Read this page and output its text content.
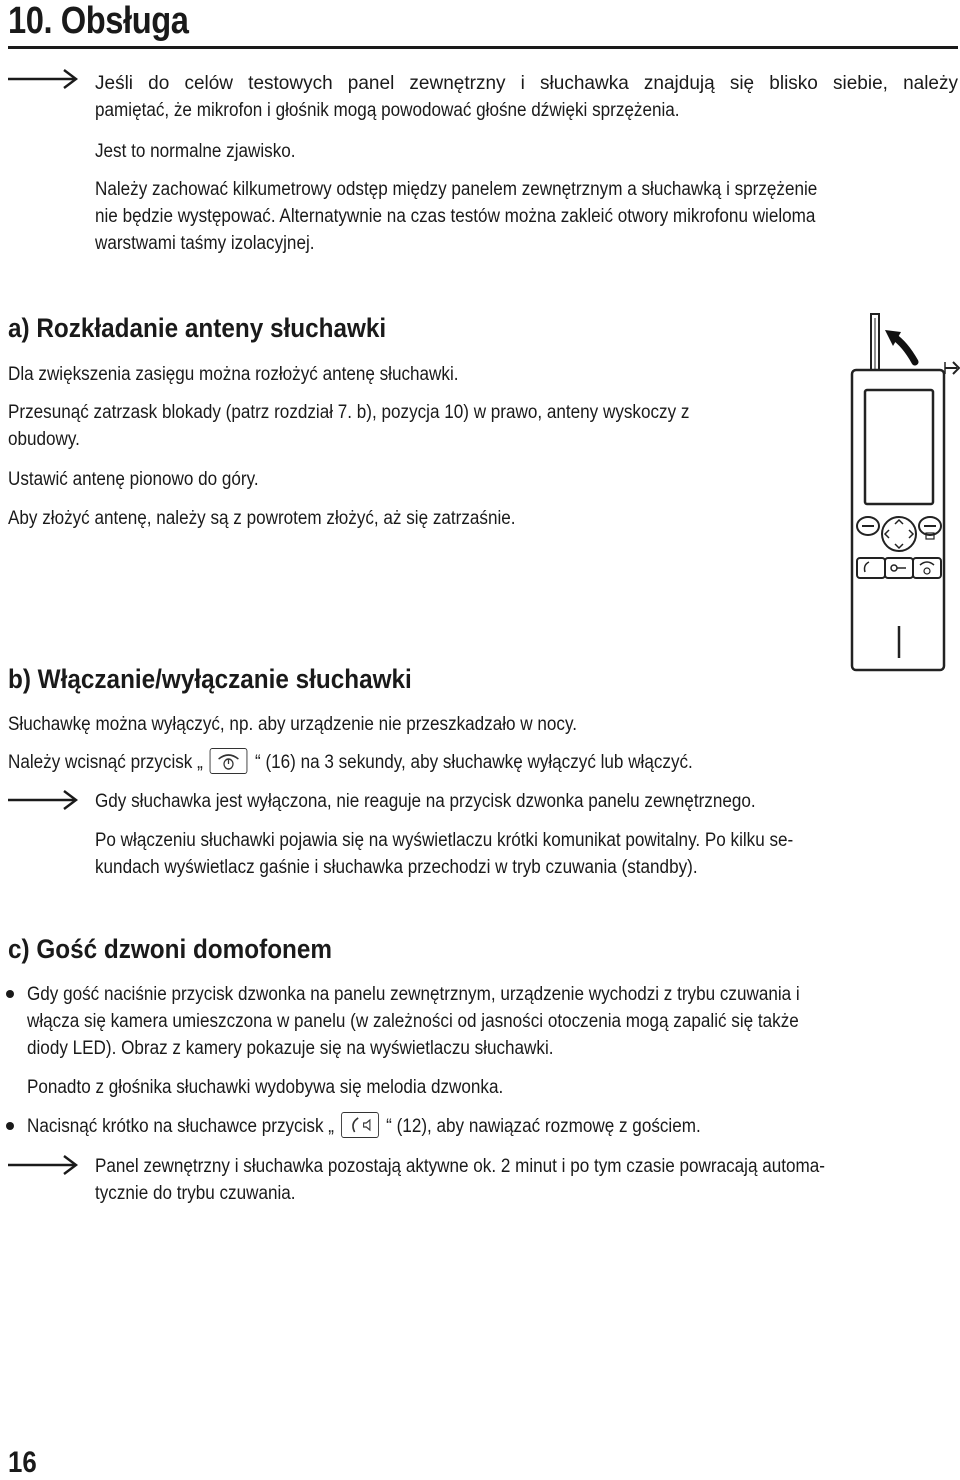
10. Obsługa
Jeśli do celów testowych panel zewnętrzny i słuchawka znajdują się blisko siebie, należy
pamiętać, że mikrofon i głośnik mogą powodować głośne dźwięki sprzężenia.
Jest to normalne zjawisko.
Należy zachować kilkumetrowy odstęp między panelem zewnętrznym a słuchawką i sprzężenie
nie będzie występować. Alternatywnie na czas testów można zakleić otwory mikrofonu wieloma
warstwami taśmy izolacyjnej.
a) Rozkładanie anteny słuchawki
Dla zwiększenia zasięgu można rozłożyć antenę słuchawki.
Przesunąć zatrzask blokady (patrz rozdział 7. b), pozycja 10) w prawo, anteny wyskoczy z
obudowy.
Ustawić antenę pionowo do góry.
Aby złożyć antenę, należy są z powrotem złożyć, aż się zatrzaśnie.
b) Włączanie/wyłączanie słuchawki
Słuchawkę można wyłączyć, np. aby urządzenie nie przeszkadzało w nocy.
Należy wcisnąć przycisk „	“ (16) na 3 sekundy, aby słuchawkę wyłączyć lub włączyć.
Gdy słuchawka jest wyłączona, nie reaguje na przycisk dzwonka panelu zewnętrznego.
Po włączeniu słuchawki pojawia się na wyświetlaczu krótki komunikat powitalny. Po kilku se-
kundach wyświetlacz gaśnie i słuchawka przechodzi w tryb czuwania (standby).
c) Gość dzwoni domofonem
Gdy gość naciśnie przycisk dzwonka na panelu zewnętrznym, urządzenie wychodzi z trybu czuwania i
włącza się kamera umieszczona w panelu (w zależności od jasności otoczenia mogą zapalić się także
diody LED). Obraz z kamery pokazuje się na wyświetlaczu słuchawki.
Ponadto z głośnika słuchawki wydobywa się melodia dzwonka.
Nacisnąć krótko na słuchawce przycisk „	“ (12), aby nawiązać rozmowę z gościem.
Panel zewnętrzny i słuchawka pozostają aktywne ok. 2 minut i po tym czasie powracają automa-
tycznie do trybu czuwania.
16
